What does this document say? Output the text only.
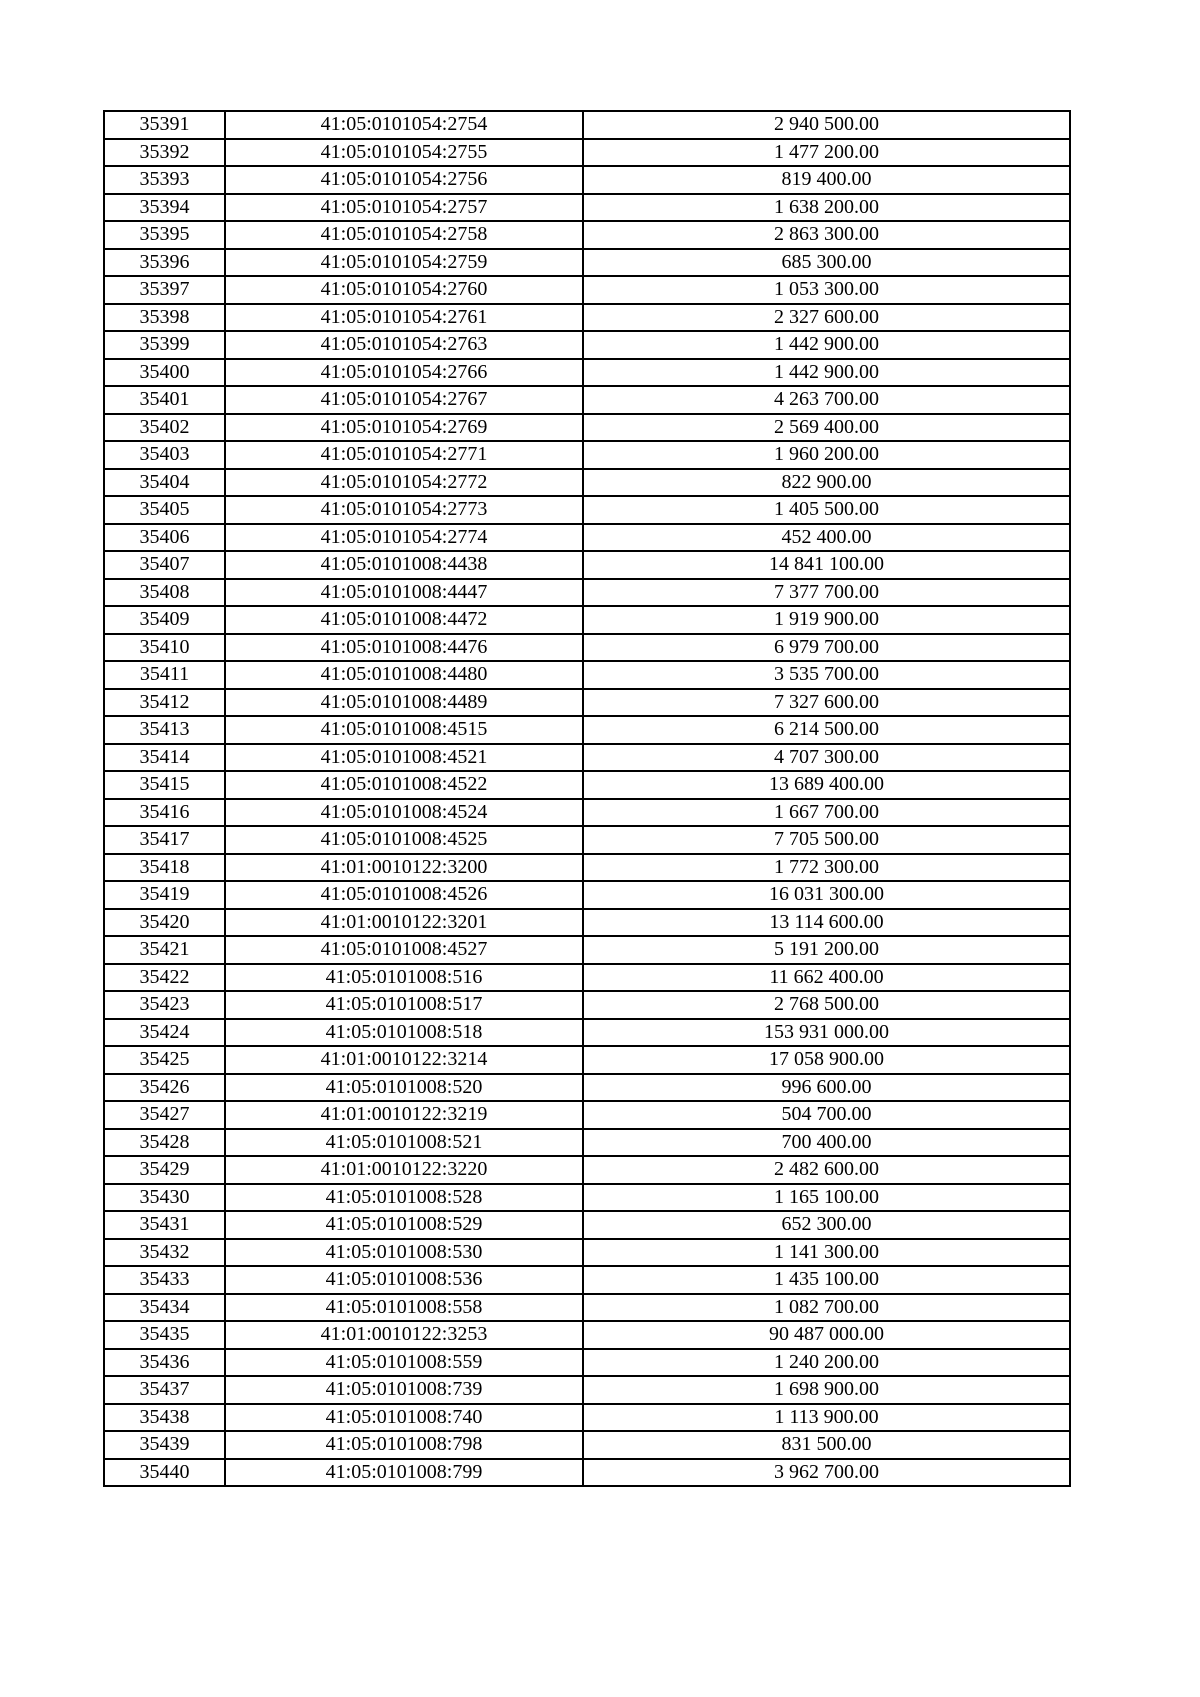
35391	41:05:0101054:2754	2 940 500.00
35392	41:05:0101054:2755	1 477 200.00
35393	41:05:0101054:2756	819 400.00
35394	41:05:0101054:2757	1 638 200.00
35395	41:05:0101054:2758	2 863 300.00
35396	41:05:0101054:2759	685 300.00
35397	41:05:0101054:2760	1 053 300.00
35398	41:05:0101054:2761	2 327 600.00
35399	41:05:0101054:2763	1 442 900.00
35400	41:05:0101054:2766	1 442 900.00
35401	41:05:0101054:2767	4 263 700.00
35402	41:05:0101054:2769	2 569 400.00
35403	41:05:0101054:2771	1 960 200.00
35404	41:05:0101054:2772	822 900.00
35405	41:05:0101054:2773	1 405 500.00
35406	41:05:0101054:2774	452 400.00
35407	41:05:0101008:4438	14 841 100.00
35408	41:05:0101008:4447	7 377 700.00
35409	41:05:0101008:4472	1 919 900.00
35410	41:05:0101008:4476	6 979 700.00
35411	41:05:0101008:4480	3 535 700.00
35412	41:05:0101008:4489	7 327 600.00
35413	41:05:0101008:4515	6 214 500.00
35414	41:05:0101008:4521	4 707 300.00
35415	41:05:0101008:4522	13 689 400.00
35416	41:05:0101008:4524	1 667 700.00
35417	41:05:0101008:4525	7 705 500.00
35418	41:01:0010122:3200	1 772 300.00
35419	41:05:0101008:4526	16 031 300.00
35420	41:01:0010122:3201	13 114 600.00
35421	41:05:0101008:4527	5 191 200.00
35422	41:05:0101008:516	11 662 400.00
35423	41:05:0101008:517	2 768 500.00
35424	41:05:0101008:518	153 931 000.00
35425	41:01:0010122:3214	17 058 900.00
35426	41:05:0101008:520	996 600.00
35427	41:01:0010122:3219	504 700.00
35428	41:05:0101008:521	700 400.00
35429	41:01:0010122:3220	2 482 600.00
35430	41:05:0101008:528	1 165 100.00
35431	41:05:0101008:529	652 300.00
35432	41:05:0101008:530	1 141 300.00
35433	41:05:0101008:536	1 435 100.00
35434	41:05:0101008:558	1 082 700.00
35435	41:01:0010122:3253	90 487 000.00
35436	41:05:0101008:559	1 240 200.00
35437	41:05:0101008:739	1 698 900.00
35438	41:05:0101008:740	1 113 900.00
35439	41:05:0101008:798	831 500.00
35440	41:05:0101008:799	3 962 700.00
